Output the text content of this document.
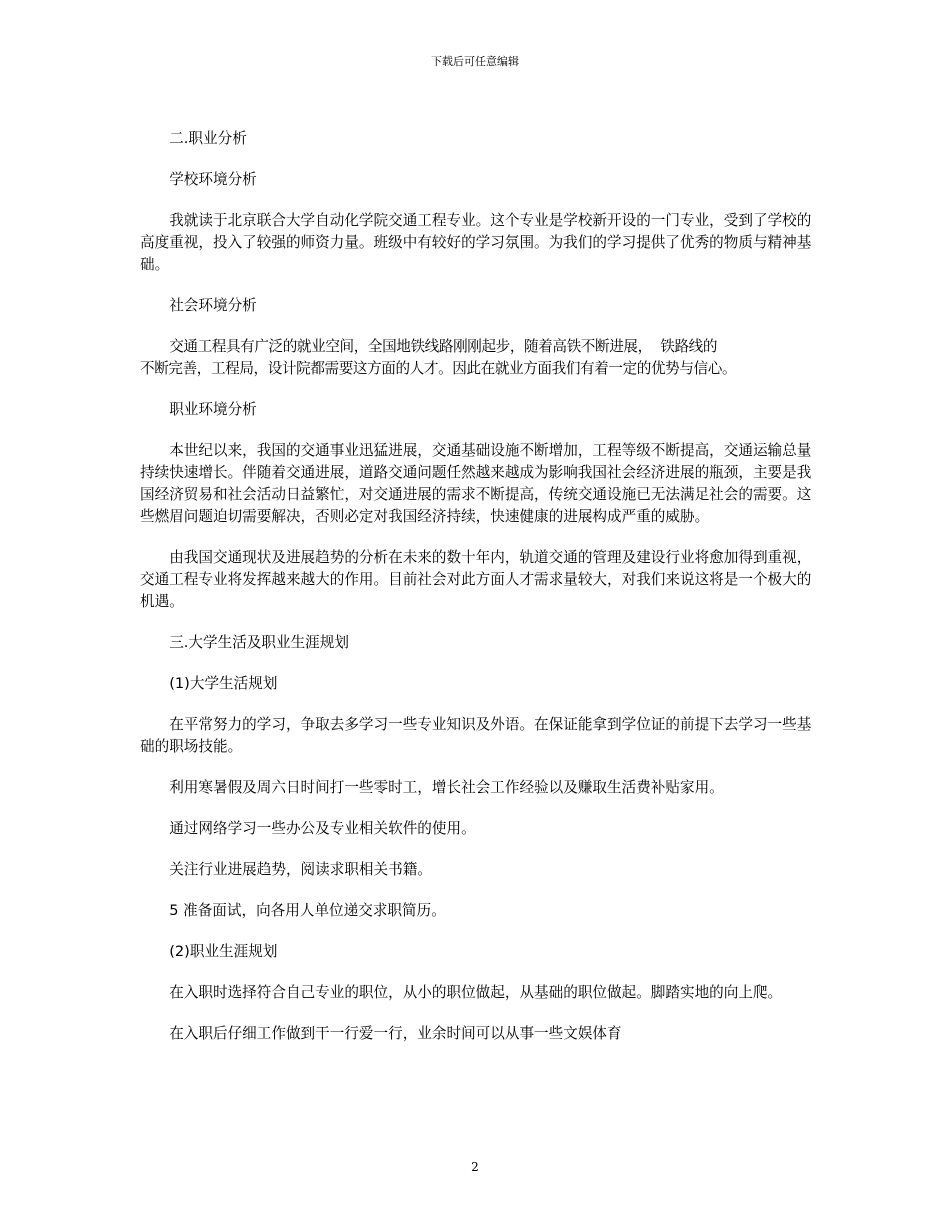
下载后可任意编辑

二.职业分析

学校环境分析

我就读于北京联合大学自动化学院交通工程专业。这个专业是学校新开设的一门专业，受到了学校的高度重视，投入了较强的师资力量。班级中有较好的学习氛围。为我们的学习提供了优秀的物质与精神基础。

社会环境分析

交通工程具有广泛的就业空间，全国地铁线路刚刚起步，随着高铁不断进展，  铁路线的
不断完善，工程局，设计院都需要这方面的人才。因此在就业方面我们有着一定的优势与信心。

职业环境分析

本世纪以来，我国的交通事业迅猛进展，交通基础设施不断增加，工程等级不断提高，交通运输总量持续快速增长。伴随着交通进展，道路交通问题任然越来越成为影响我国社会经济进展的瓶颈，主要是我国经济贸易和社会活动日益繁忙，对交通进展的需求不断提高，传统交通设施已无法满足社会的需要。这些燃眉问题迫切需要解决，否则必定对我国经济持续，快速健康的进展构成严重的威胁。

由我国交通现状及进展趋势的分析在未来的数十年内，轨道交通的管理及建设行业将愈加得到重视，交通工程专业将发挥越来越大的作用。目前社会对此方面人才需求量较大，对我们来说这将是一个极大的机遇。

三.大学生活及职业生涯规划

(1)大学生活规划

在平常努力的学习，争取去多学习一些专业知识及外语。在保证能拿到学位证的前提下去学习一些基础的职场技能。

利用寒暑假及周六日时间打一些零时工，增长社会工作经验以及赚取生活费补贴家用。

通过网络学习一些办公及专业相关软件的使用。

关注行业进展趋势，阅读求职相关书籍。

5 准备面试，向各用人单位递交求职简历。

(2)职业生涯规划

在入职时选择符合自己专业的职位，从小的职位做起，从基础的职位做起。脚踏实地的向上爬。

在入职后仔细工作做到干一行爱一行，业余时间可以从事一些文娱体育

2
